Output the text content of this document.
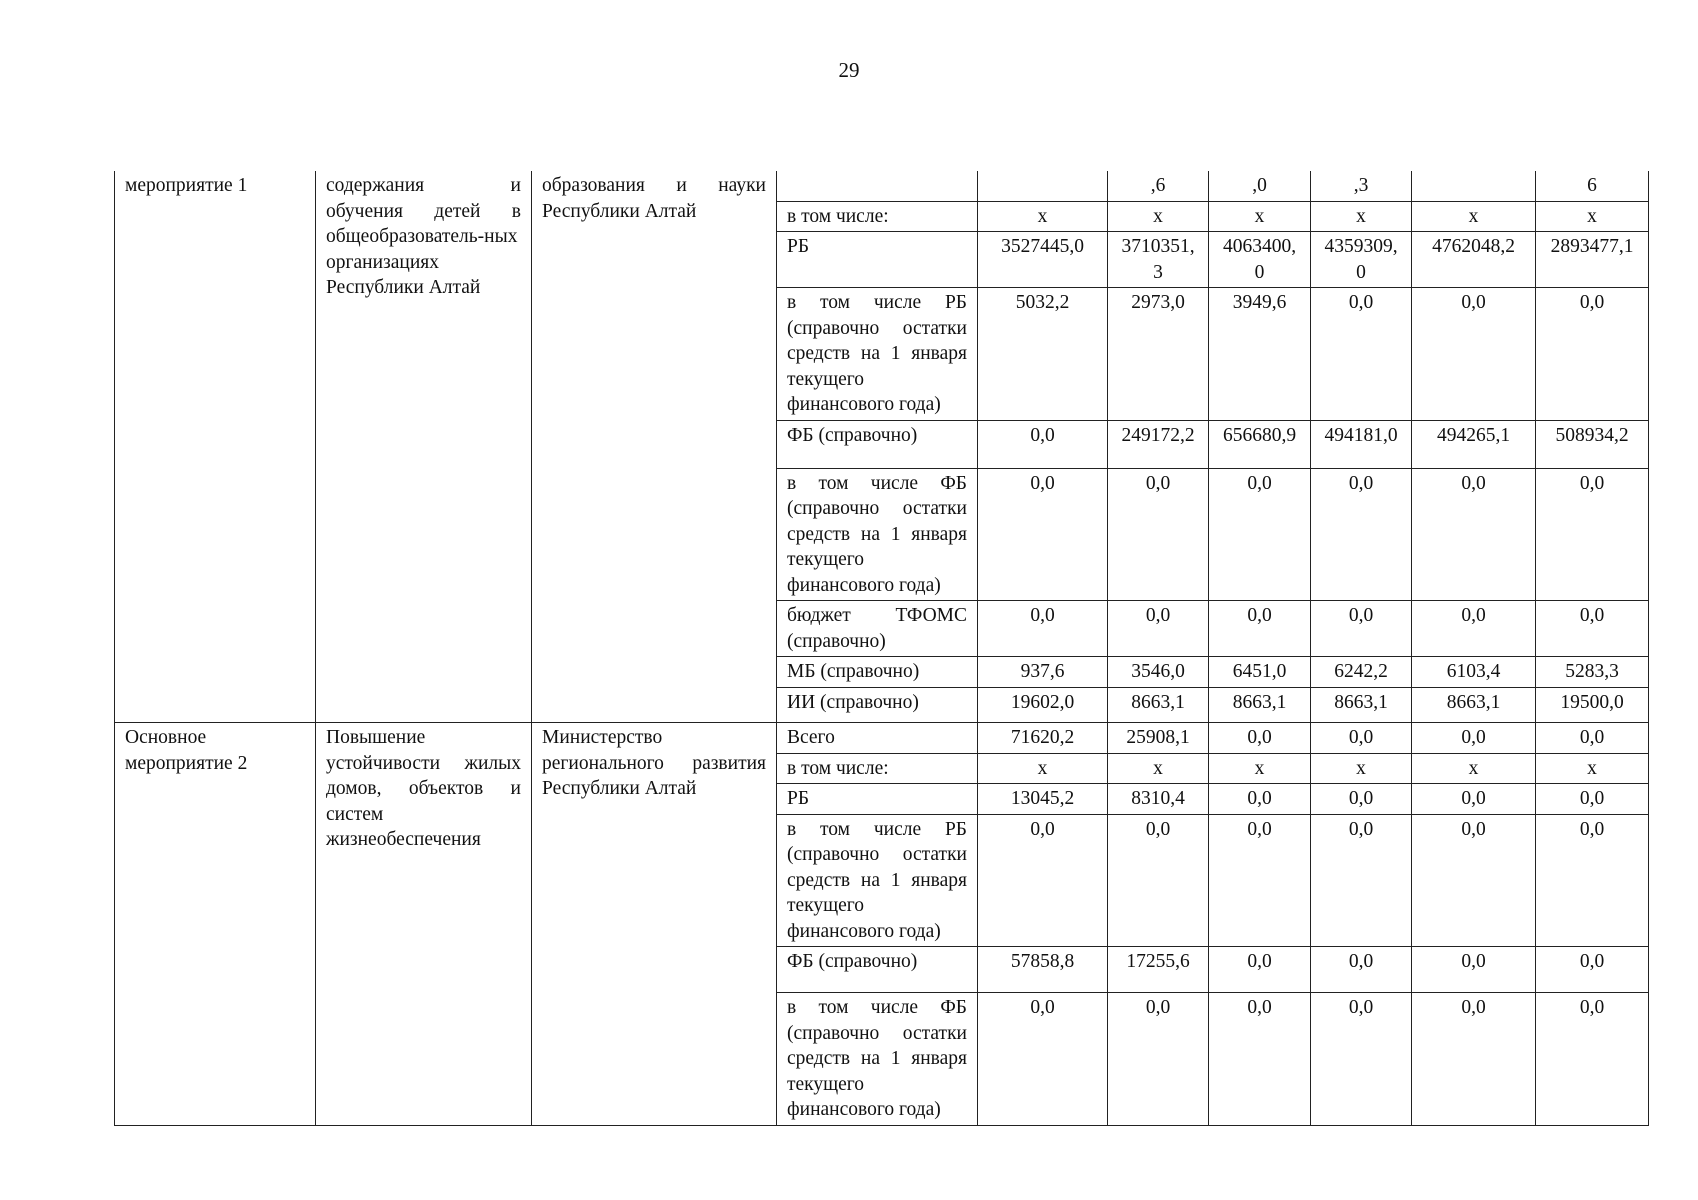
29
мероприятие 1	содержания и обучения детей в общеобразователь-ных организациях Республики Алтай	образования и науки Республики Алтай			,6	,0	,3		6
			в том числе:	x	x	x	x	x	x
			РБ	3527445,0	3710351,3	4063400,0	4359309,0	4762048,2	2893477,1
			в том числе РБ (справочно остатки средств на 1 января текущего финансового года)	5032,2	2973,0	3949,6	0,0	0,0	0,0
			ФБ (справочно)	0,0	249172,2	656680,9	494181,0	494265,1	508934,2
			в том числе ФБ (справочно остатки средств на 1 января текущего финансового года)	0,0	0,0	0,0	0,0	0,0	0,0
			бюджет ТФОМС (справочно)	0,0	0,0	0,0	0,0	0,0	0,0
			МБ (справочно)	937,6	3546,0	6451,0	6242,2	6103,4	5283,3
			ИИ (справочно)	19602,0	8663,1	8663,1	8663,1	8663,1	19500,0
Основное мероприятие 2	Повышение устойчивости жилых домов, объектов и систем жизнеобеспечения	Министерство регионального развития Республики Алтай	Всего	71620,2	25908,1	0,0	0,0	0,0	0,0
			в том числе:	x	x	x	x	x	x
			РБ	13045,2	8310,4	0,0	0,0	0,0	0,0
			в том числе РБ (справочно остатки средств на 1 января текущего финансового года)	0,0	0,0	0,0	0,0	0,0	0,0
			ФБ (справочно)	57858,8	17255,6	0,0	0,0	0,0	0,0
			в том числе ФБ (справочно остатки средств на 1 января текущего финансового года)	0,0	0,0	0,0	0,0	0,0	0,0
